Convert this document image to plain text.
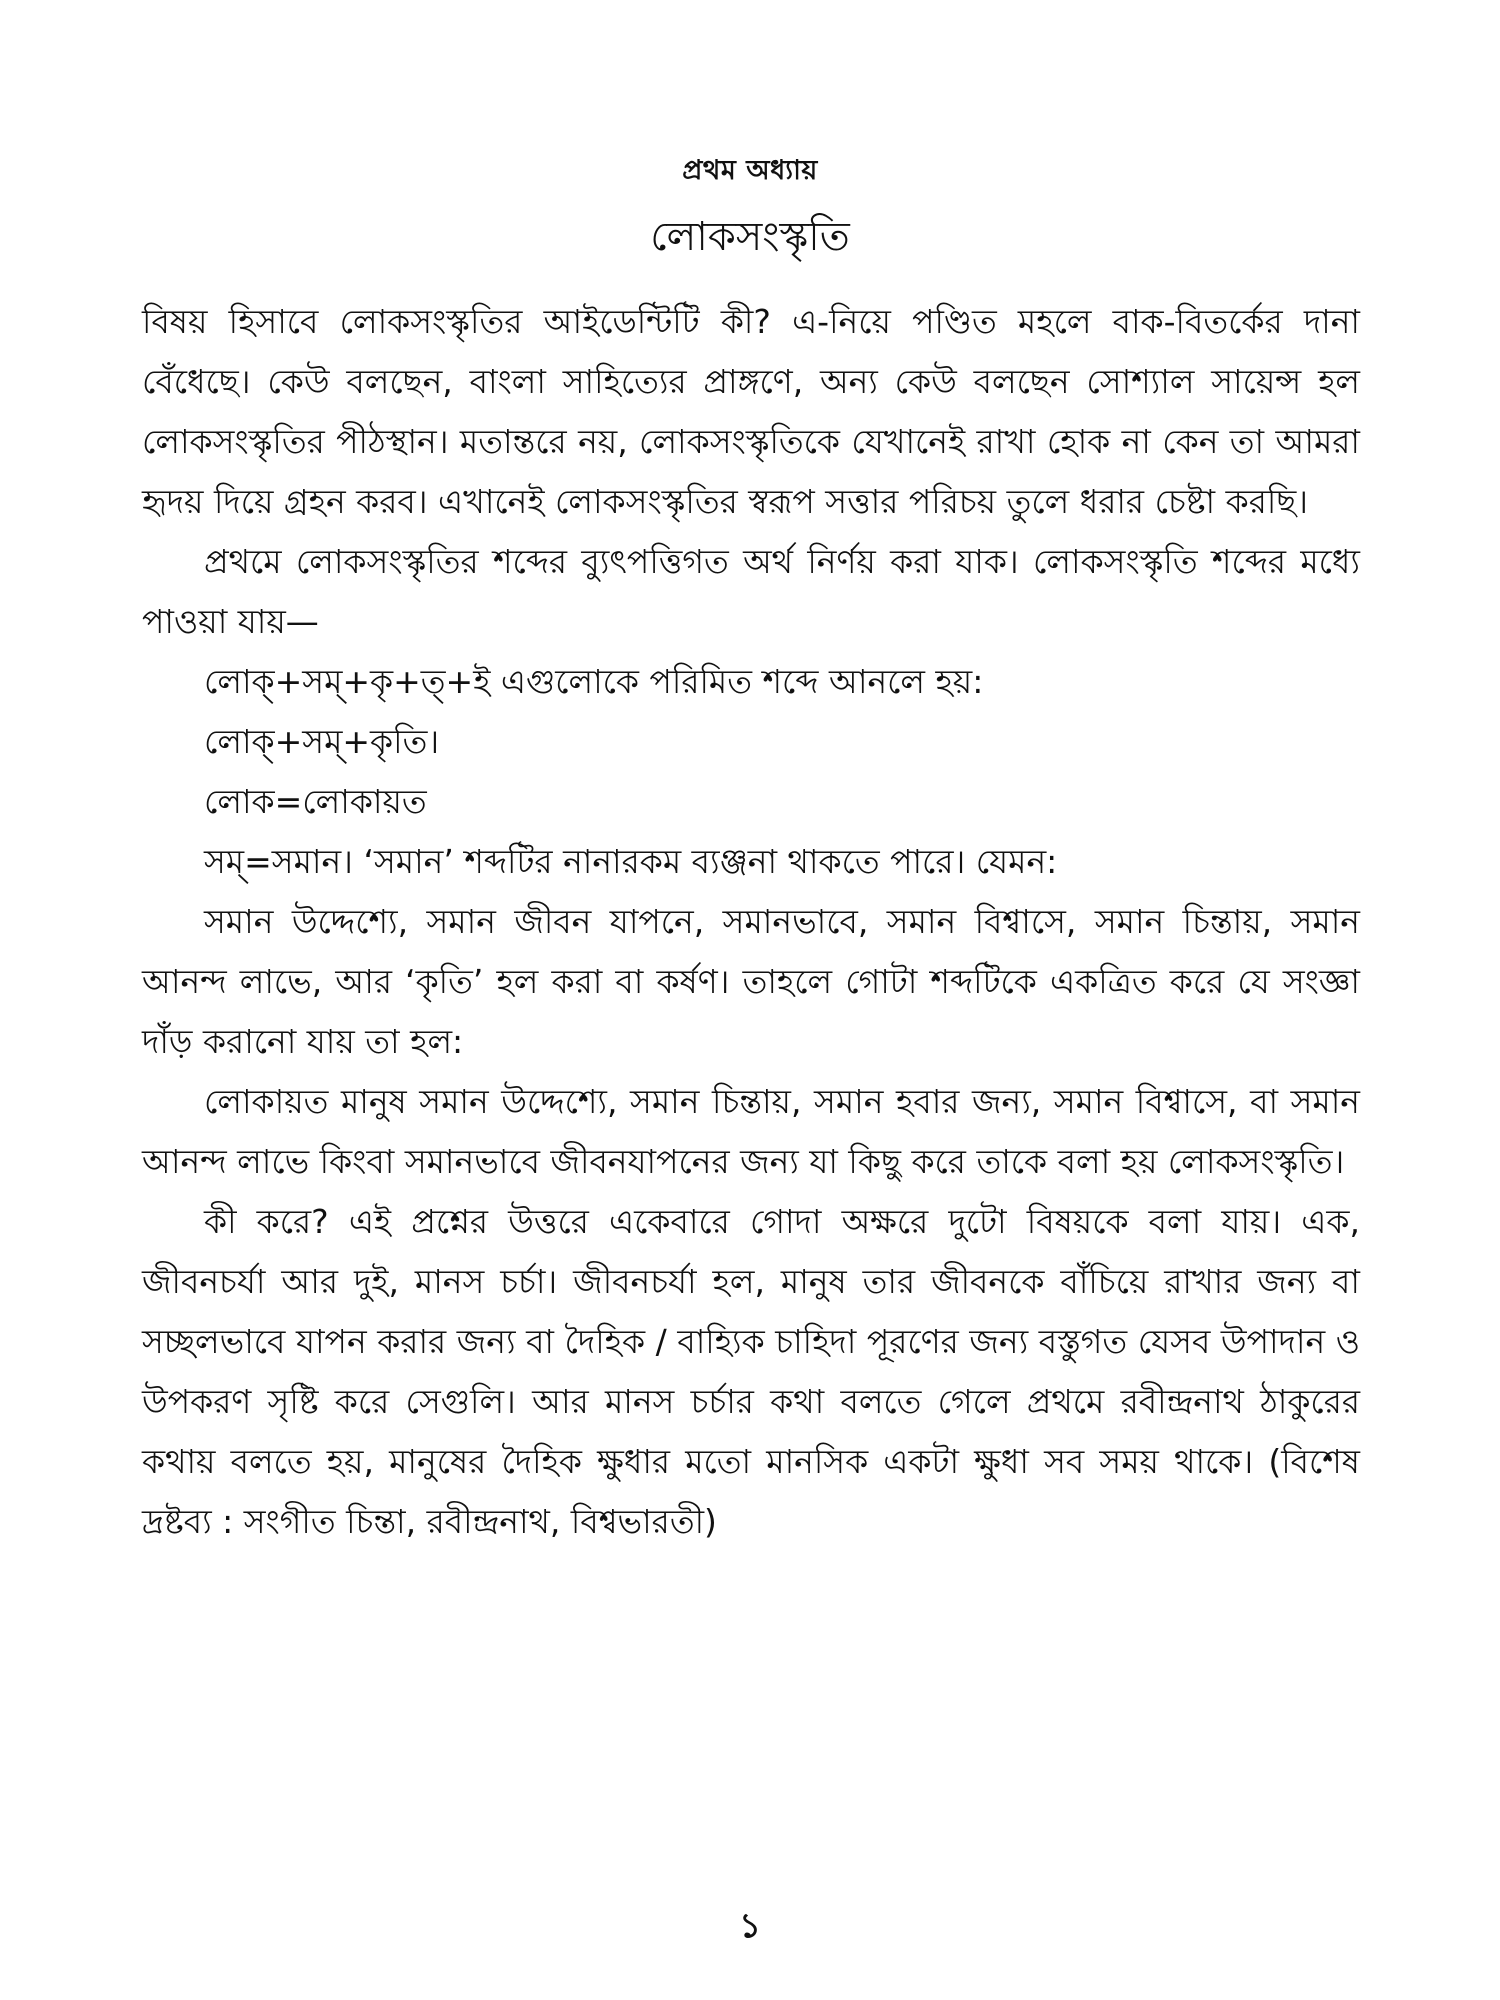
প্রথম অধ্যায়
লোকসংস্কৃতি

বিষয় হিসাবে লোকসংস্কৃতির আইডেন্টিটি কী? এ-নিয়ে পণ্ডিত মহলে বাক-বিতর্কের দানা বেঁধেছে। কেউ বলছেন, বাংলা সাহিত্যের প্রাঙ্গণে, অন্য কেউ বলছেন সোশ্যাল সায়েন্স হল লোকসংস্কৃতির পীঠস্থান। মতান্তরে নয়, লোকসংস্কৃতিকে যেখানেই রাখা হোক না কেন তা আমরা হৃদয় দিয়ে গ্রহন করব। এখানেই লোকসংস্কৃতির স্বরূপ সত্তার পরিচয় তুলে ধরার চেষ্টা করছি।

প্রথমে লোকসংস্কৃতির শব্দের ব্যুৎপত্তিগত অর্থ নির্ণয় করা যাক। লোকসংস্কৃতি শব্দের মধ্যে পাওয়া যায়—

লোক্+সম্+কৃ+ত্+ই এগুলোকে পরিমিত শব্দে আনলে হয়:

লোক্+সম্+কৃতি।

লোক=লোকায়ত

সম্=সমান। ‘সমান’ শব্দটির নানারকম ব্যঞ্জনা থাকতে পারে। যেমন:

সমান উদ্দেশ্যে, সমান জীবন যাপনে, সমানভাবে, সমান বিশ্বাসে, সমান চিন্তায়, সমান আনন্দ লাভে, আর ‘কৃতি’ হল করা বা কর্ষণ। তাহলে গোটা শব্দটিকে একত্রিত করে যে সংজ্ঞা দাঁড় করানো যায় তা হল:

লোকায়ত মানুষ সমান উদ্দেশ্যে, সমান চিন্তায়, সমান হবার জন্য, সমান বিশ্বাসে, বা সমান আনন্দ লাভে কিংবা সমানভাবে জীবনযাপনের জন্য যা কিছু করে তাকে বলা হয় লোকসংস্কৃতি।

কী করে? এই প্রশ্নের উত্তরে একেবারে গোদা অক্ষরে দুটো বিষয়কে বলা যায়। এক, জীবনচর্যা আর দুই, মানস চর্চা। জীবনচর্যা হল, মানুষ তার জীবনকে বাঁচিয়ে রাখার জন্য বা সচ্ছলভাবে যাপন করার জন্য বা দৈহিক / বাহ্যিক চাহিদা পূরণের জন্য বস্তুগত যেসব উপাদান ও উপকরণ সৃষ্টি করে সেগুলি। আর মানস চর্চার কথা বলতে গেলে প্রথমে রবীন্দ্রনাথ ঠাকুরের কথায় বলতে হয়, মানুষের দৈহিক ক্ষুধার মতো মানসিক একটা ক্ষুধা সব সময় থাকে। (বিশেষ দ্রষ্টব্য : সংগীত চিন্তা, রবীন্দ্রনাথ, বিশ্বভারতী)

১
